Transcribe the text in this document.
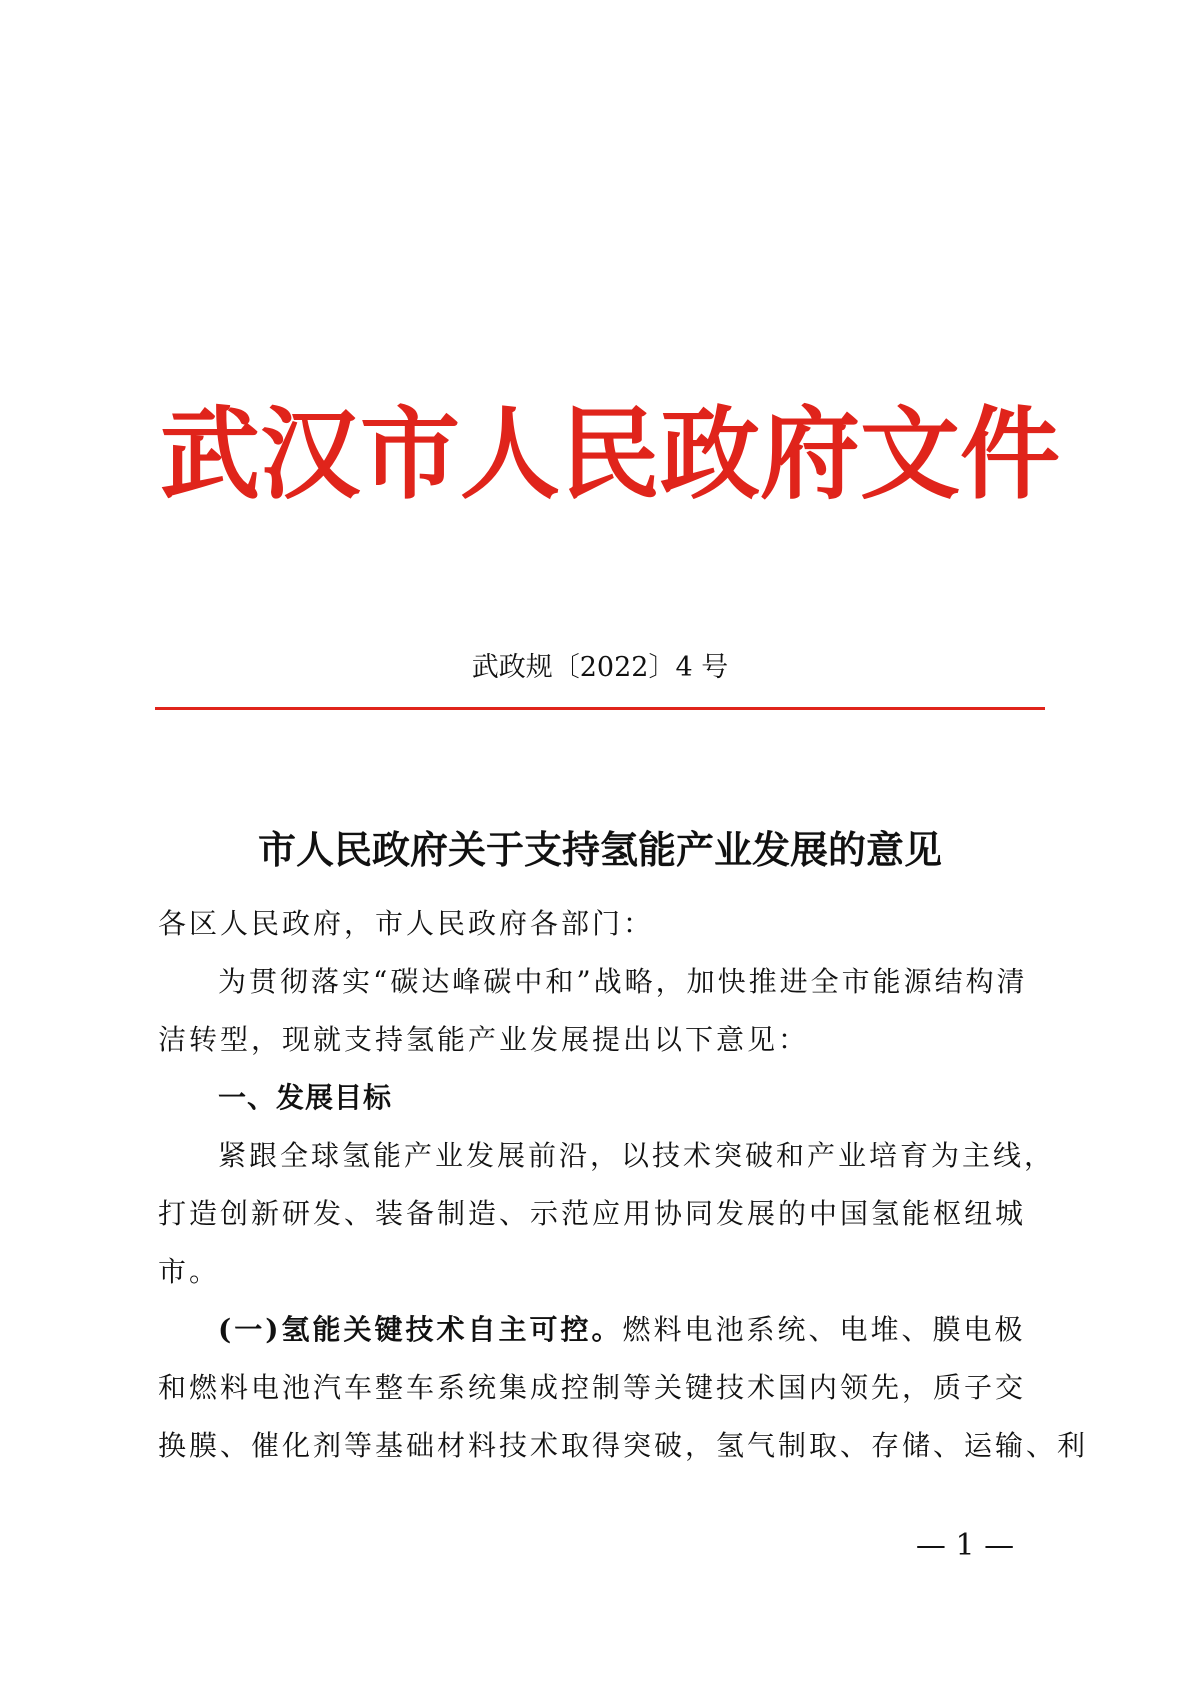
武汉市人民政府文件
武政规〔2022〕4 号
市人民政府关于支持氢能产业发展的意见
各区人民政府，市人民政府各部门：
为贯彻落实“碳达峰碳中和”战略，加快推进全市能源结构清
洁转型，现就支持氢能产业发展提出以下意见：
一、发展目标
紧跟全球氢能产业发展前沿，以技术突破和产业培育为主线，
打造创新研发、装备制造、示范应用协同发展的中国氢能枢纽城
市。
(一)氢能关键技术自主可控。燃料电池系统、电堆、膜电极
和燃料电池汽车整车系统集成控制等关键技术国内领先，质子交
换膜、催化剂等基础材料技术取得突破，氢气制取、存储、运输、利
— 1 —
